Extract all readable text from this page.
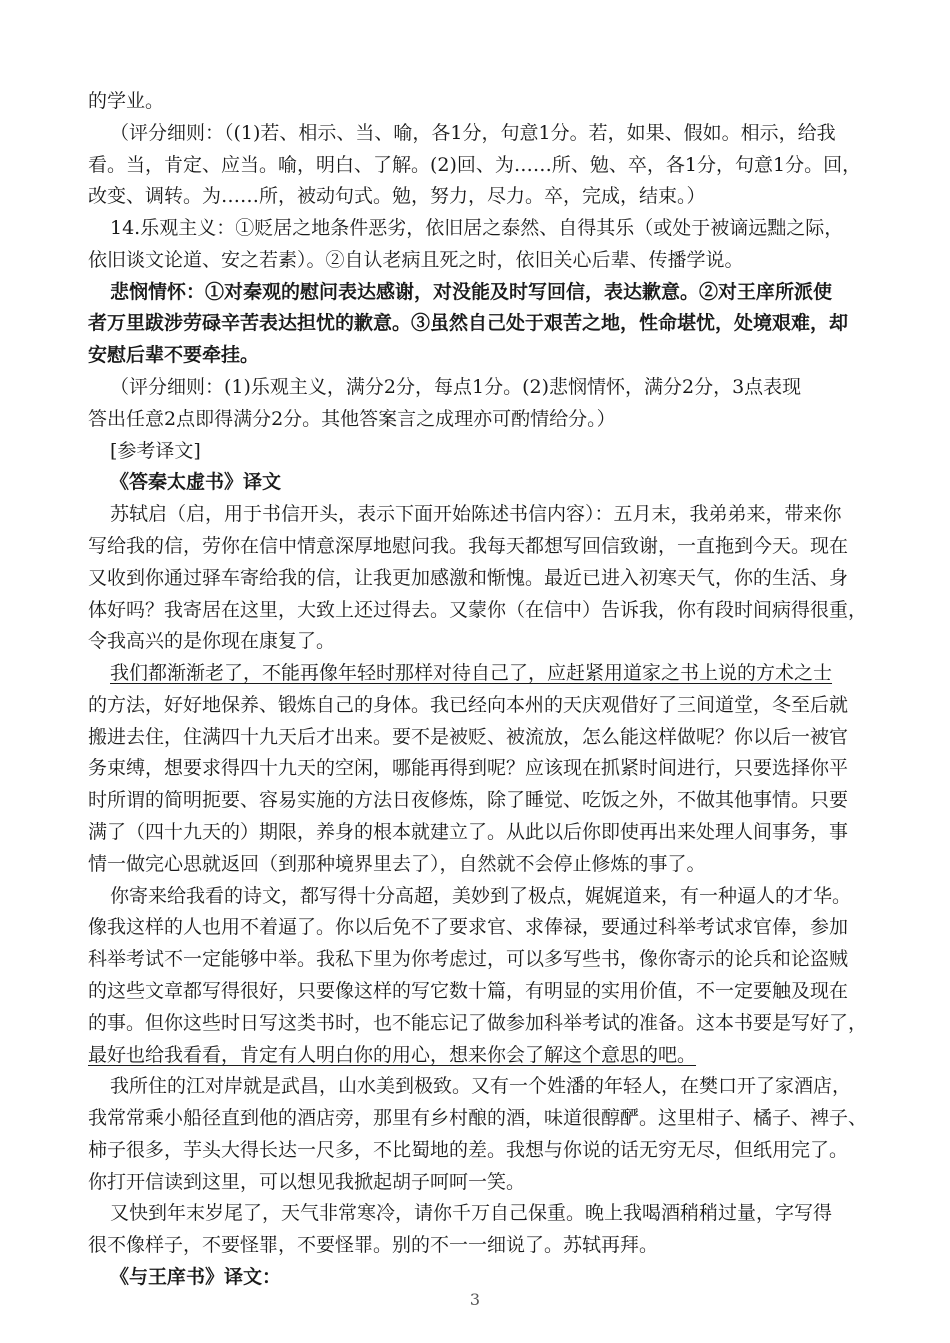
的学业。
（评分细则：（(1)若、相示、当、喻，各1分，句意1分。若，如果、假如。相示，给我
看。当，肯定、应当。喻，明白、了解。(2)回、为……所、勉、卒，各1分，句意1分。回，
改变、调转。为……所，被动句式。勉，努力，尽力。卒，完成，结束。）
14.乐观主义：①贬居之地条件恶劣，依旧居之泰然、自得其乐（或处于被谪远黜之际，
依旧谈文论道、安之若素）。②自认老病且死之时，依旧关心后辈、传播学说。
悲悯情怀：①对秦观的慰问表达感谢，对没能及时写回信，表达歉意。②对王庠所派使
者万里跋涉劳碌辛苦表达担忧的歉意。③虽然自己处于艰苦之地，性命堪忧，处境艰难，却
安慰后辈不要牵挂。
（评分细则：(1)乐观主义，满分2分，每点1分。(2)悲悯情怀，满分2分，3点表现
答出任意2点即得满分2分。其他答案言之成理亦可酌情给分。）
[参考译文]
《答秦太虚书》译文
苏轼启（启，用于书信开头，表示下面开始陈述书信内容）：五月末，我弟弟来，带来你
写给我的信，劳你在信中情意深厚地慰问我。我每天都想写回信致谢，一直拖到今天。现在
又收到你通过驿车寄给我的信，让我更加感激和惭愧。最近已进入初寒天气，你的生活、身
体好吗？我寄居在这里，大致上还过得去。又蒙你（在信中）告诉我，你有段时间病得很重，
令我高兴的是你现在康复了。
我们都渐渐老了，不能再像年轻时那样对待自己了，应赶紧用道家之书上说的方术之士
的方法，好好地保养、锻炼自己的身体。我已经向本州的天庆观借好了三间道堂，冬至后就
搬进去住，住满四十九天后才出来。要不是被贬、被流放，怎么能这样做呢？你以后一被官
务束缚，想要求得四十九天的空闲，哪能再得到呢？应该现在抓紧时间进行，只要选择你平
时所谓的简明扼要、容易实施的方法日夜修炼，除了睡觉、吃饭之外，不做其他事情。只要
满了（四十九天的）期限，养身的根本就建立了。从此以后你即使再出来处理人间事务，事
情一做完心思就返回（到那种境界里去了），自然就不会停止修炼的事了。
你寄来给我看的诗文，都写得十分高超，美妙到了极点，娓娓道来，有一种逼人的才华。
像我这样的人也用不着逼了。你以后免不了要求官、求俸禄，要通过科举考试求官俸，参加
科举考试不一定能够中举。我私下里为你考虑过，可以多写些书，像你寄示的论兵和论盗贼
的这些文章都写得很好，只要像这样的写它数十篇，有明显的实用价值，不一定要触及现在
的事。但你这些时日写这类书时，也不能忘记了做参加科举考试的准备。这本书要是写好了，
最好也给我看看，肯定有人明白你的用心，想来你会了解这个意思的吧。
我所住的江对岸就是武昌，山水美到极致。又有一个姓潘的年轻人，在樊口开了家酒店，
我常常乘小船径直到他的酒店旁，那里有乡村酿的酒，味道很醇酽。这里柑子、橘子、裨子、
柿子很多，芋头大得长达一尺多，不比蜀地的差。我想与你说的话无穷无尽，但纸用完了。
你打开信读到这里，可以想见我掀起胡子呵呵一笑。
又快到年末岁尾了，天气非常寒冷，请你千万自己保重。晚上我喝酒稍稍过量，字写得
很不像样子，不要怪罪，不要怪罪。别的不一一细说了。苏轼再拜。
《与王庠书》译文：
3
